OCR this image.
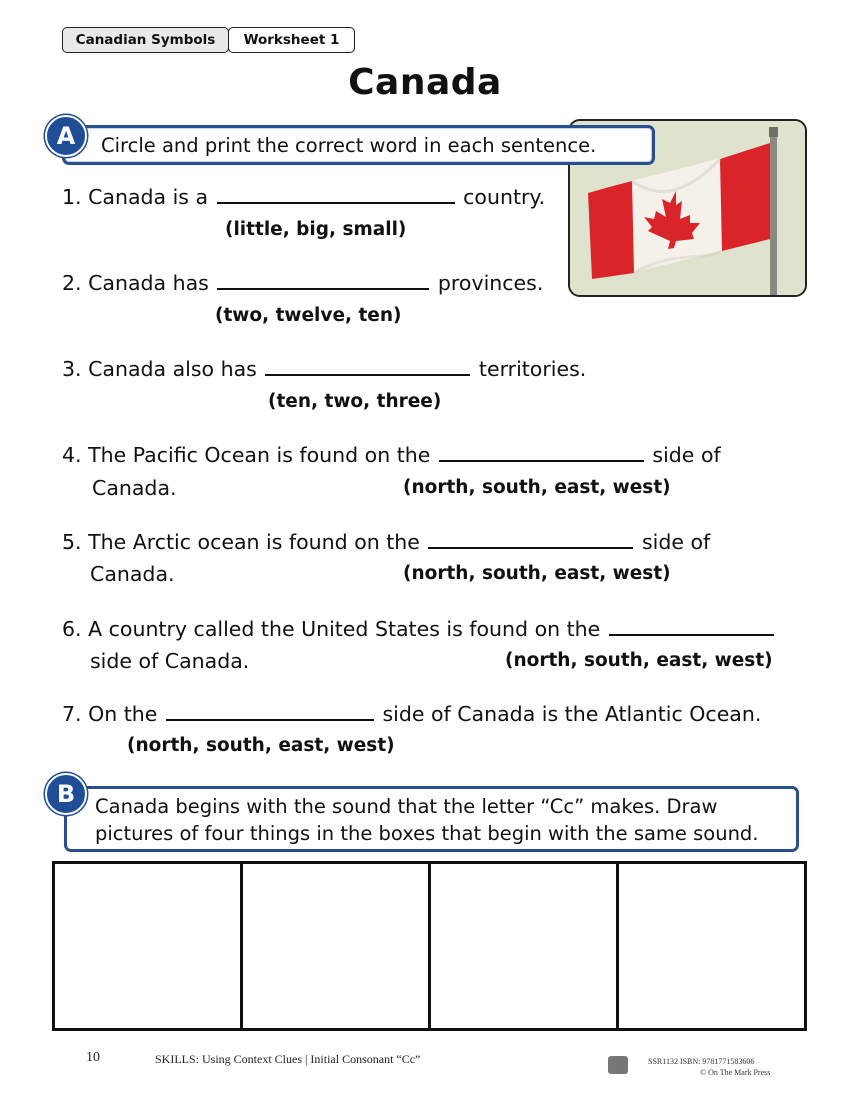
Canadian Symbols	Worksheet 1
Canada
A	Circle and print the correct word in each sentence.
1. Canada is a	country.
(little, big, small)
2. Canada has	provinces.
(two, twelve, ten)
3. Canada also has	territories.
(ten, two, three)
4. The Pacific Ocean is found on the	side of
Canada.	(north, south, east, west)
5. The Arctic ocean is found on the	side of
Canada.	(north, south, east, west)
6. A country called the United States is found on the
side of Canada.	(north, south, east, west)
7. On the	side of Canada is the Atlantic Ocean.
(north, south, east, west)
B	Canada begins with the sound that the letter “Cc” makes. Draw
pictures of four things in the boxes that begin with the same sound.
10	SKILLS: Using Context Clues | Initial Consonant “Cc”	SSR1132 ISBN: 9781771583606
© On The Mark Press
